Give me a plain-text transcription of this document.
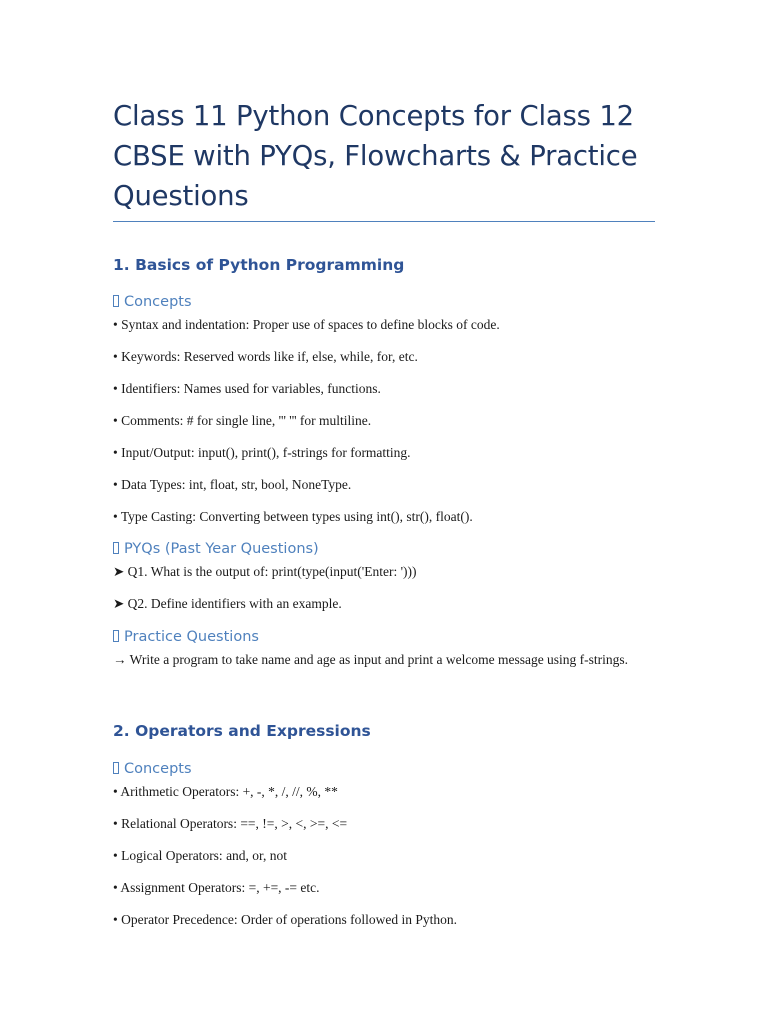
Class 11 Python Concepts for Class 12
CBSE with PYQs, Flowcharts & Practice
Questions
1. Basics of Python Programming
Concepts

• Syntax and indentation: Proper use of spaces to define blocks of code.

• Keywords: Reserved words like if, else, while, for, etc.

• Identifiers: Names used for variables, functions.

• Comments: # for single line, ''' ''' for multiline.

• Input/Output: input(), print(), f-strings for formatting.

• Data Types: int, float, str, bool, NoneType.

• Type Casting: Converting between types using int(), str(), float().

PYQs (Past Year Questions)

➤ Q1. What is the output of: print(type(input('Enter: ')))

➤ Q2. Define identifiers with an example.

Practice Questions

→ Write a program to take name and age as input and print a welcome message using f-strings.

2. Operators and Expressions
Concepts

• Arithmetic Operators: +, -, *, /, //, %, **

• Relational Operators: ==, !=, >, <, >=, <=

• Logical Operators: and, or, not

• Assignment Operators: =, +=, -= etc.

• Operator Precedence: Order of operations followed in Python.
